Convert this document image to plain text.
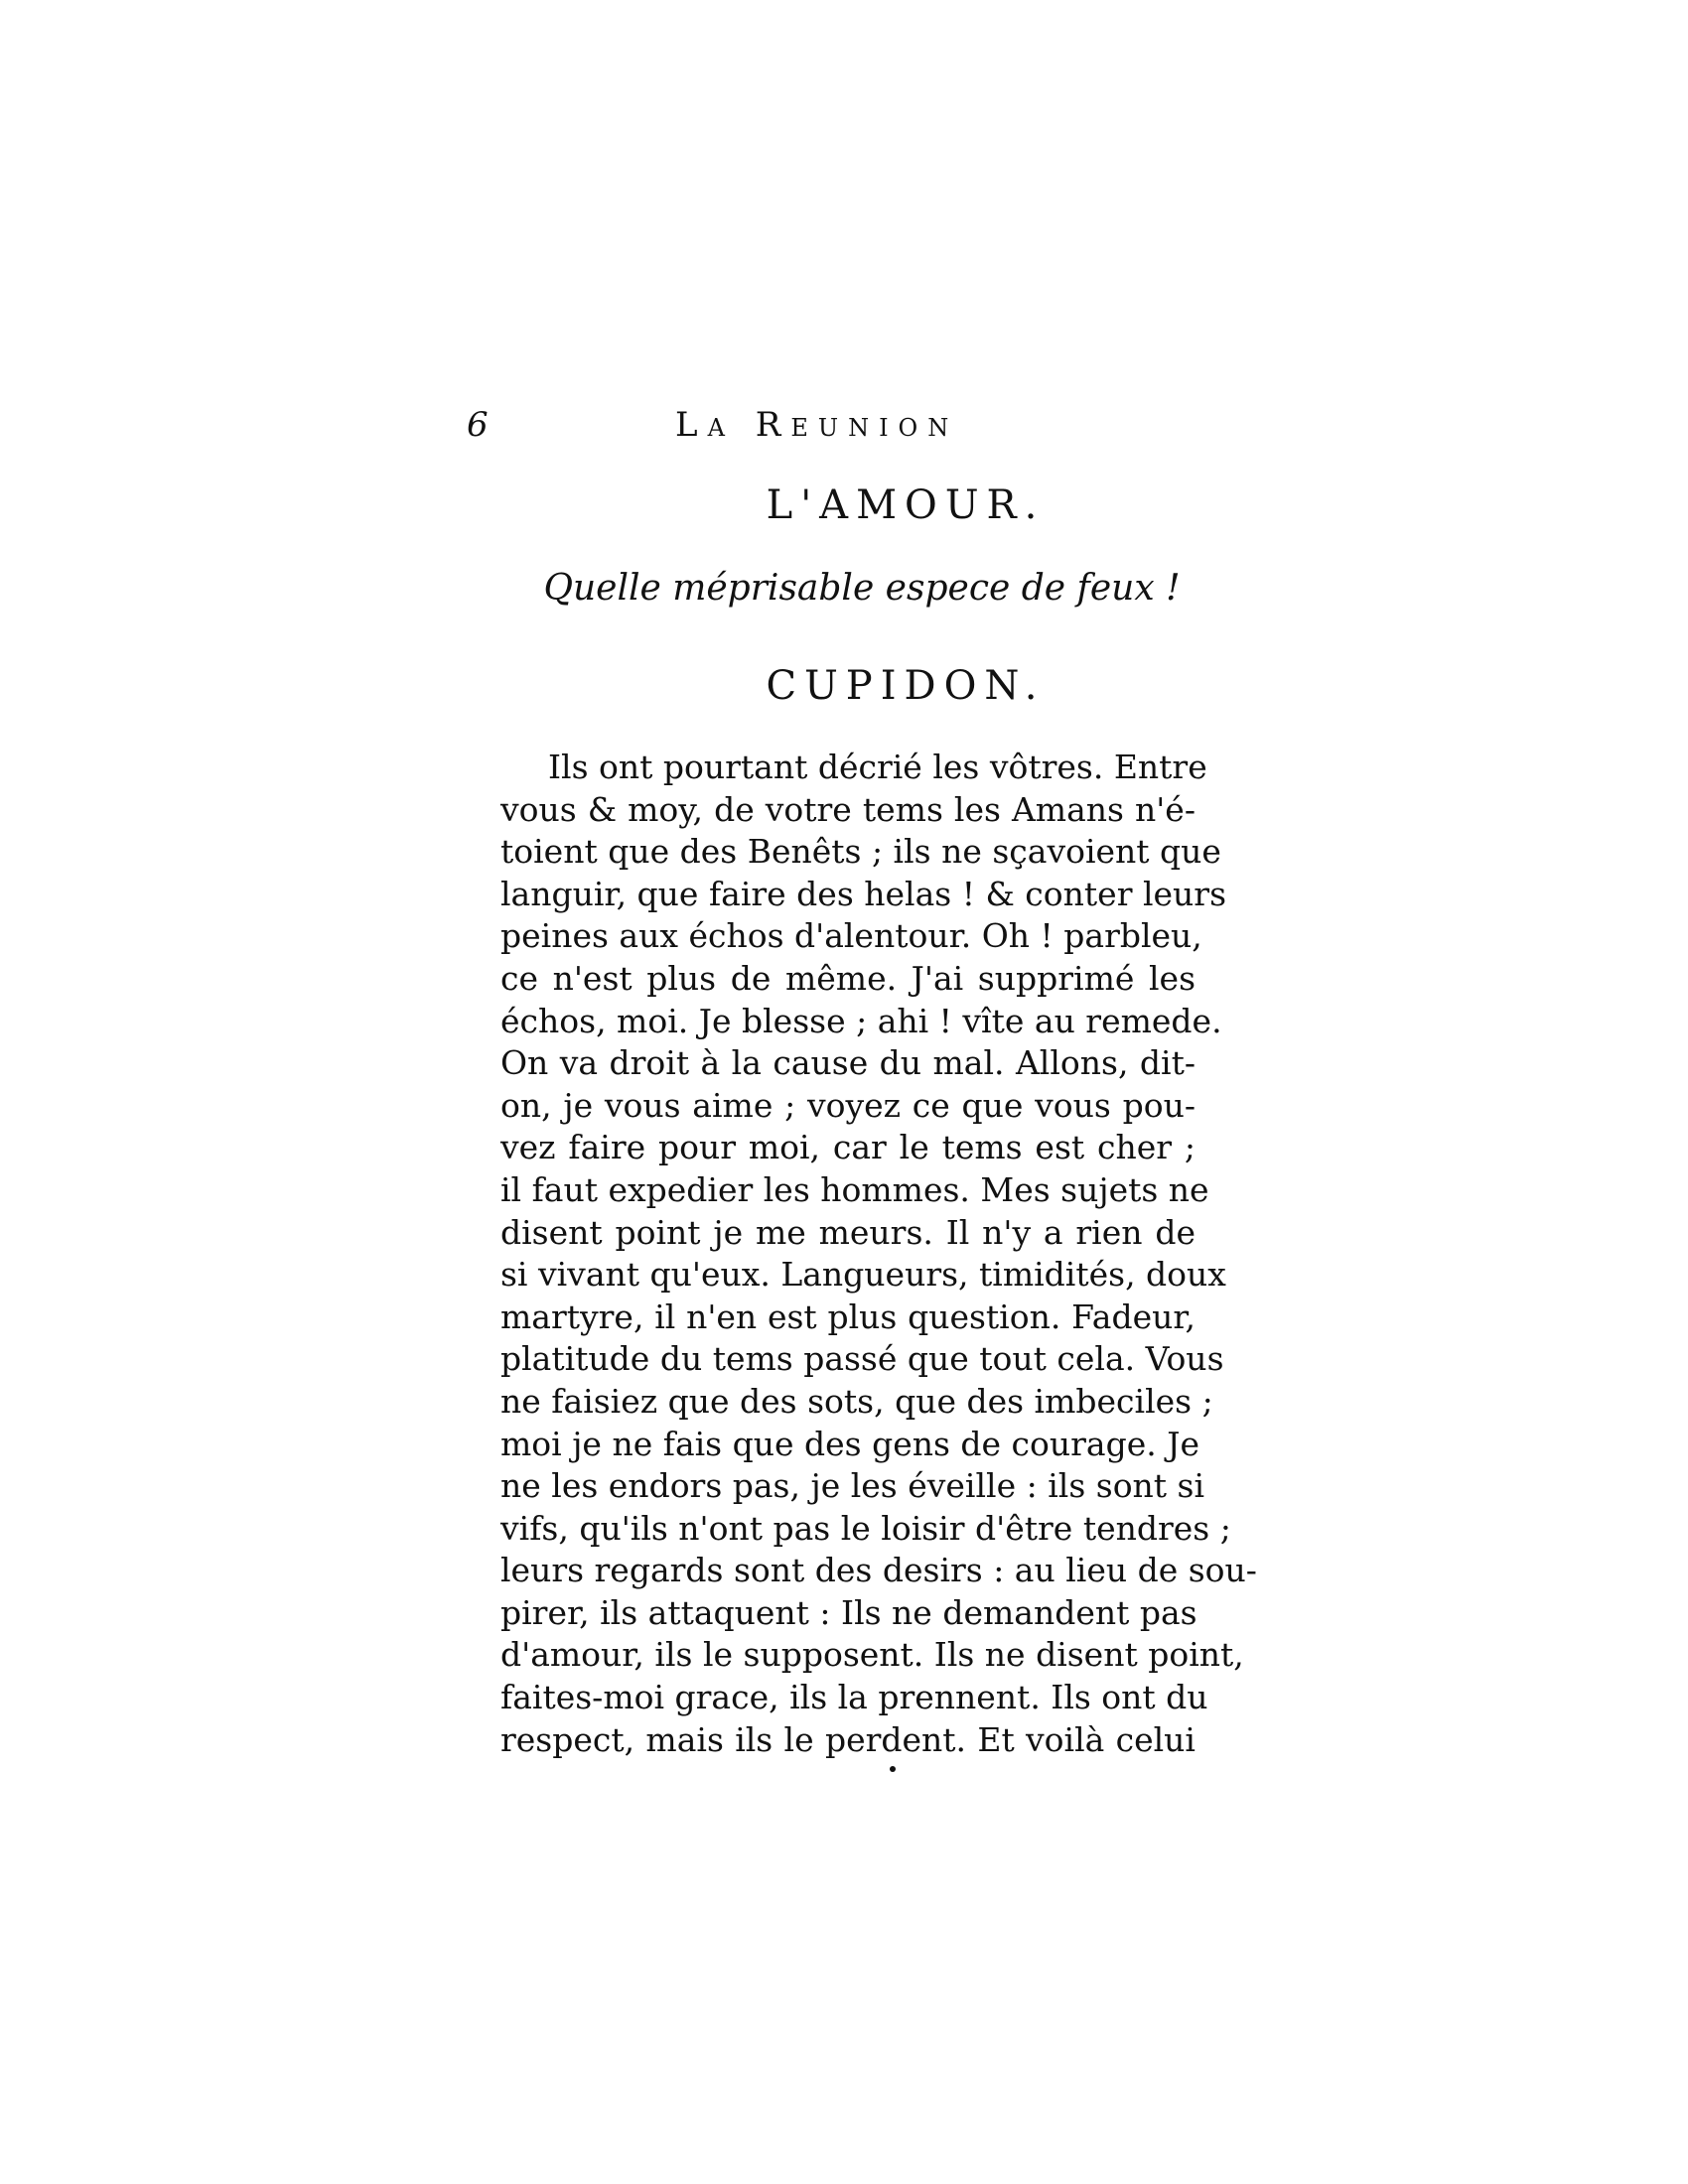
6	La Reunion
L'AMOUR.
Quelle méprisable espece de feux !
CUPIDON.
Ils ont pourtant décrié les vôtres. Entre
vous & moy, de votre tems les Amans n'é-
toient que des Benêts ; ils ne sçavoient que
languir, que faire des helas ! & conter leurs
peines aux échos d'alentour. Oh ! parbleu,
ce n'est plus de même. J'ai supprimé les
échos, moi. Je blesse ; ahi ! vîte au remede.
On va droit à la cause du mal. Allons, dit-
on, je vous aime ; voyez ce que vous pou-
vez faire pour moi, car le tems est cher ;
il faut expedier les hommes. Mes sujets ne
disent point je me meurs. Il n'y a rien de
si vivant qu'eux. Langueurs, timidités, doux
martyre, il n'en est plus question. Fadeur,
platitude du tems passé que tout cela. Vous
ne faisiez que des sots, que des imbeciles ;
moi je ne fais que des gens de courage. Je
ne les endors pas, je les éveille : ils sont si
vifs, qu'ils n'ont pas le loisir d'être tendres ;
leurs regards sont des desirs : au lieu de sou-
pirer, ils attaquent : Ils ne demandent pas
d'amour, ils le supposent. Ils ne disent point,
faites-moi grace, ils la prennent. Ils ont du
respect, mais ils le perdent. Et voilà celui
